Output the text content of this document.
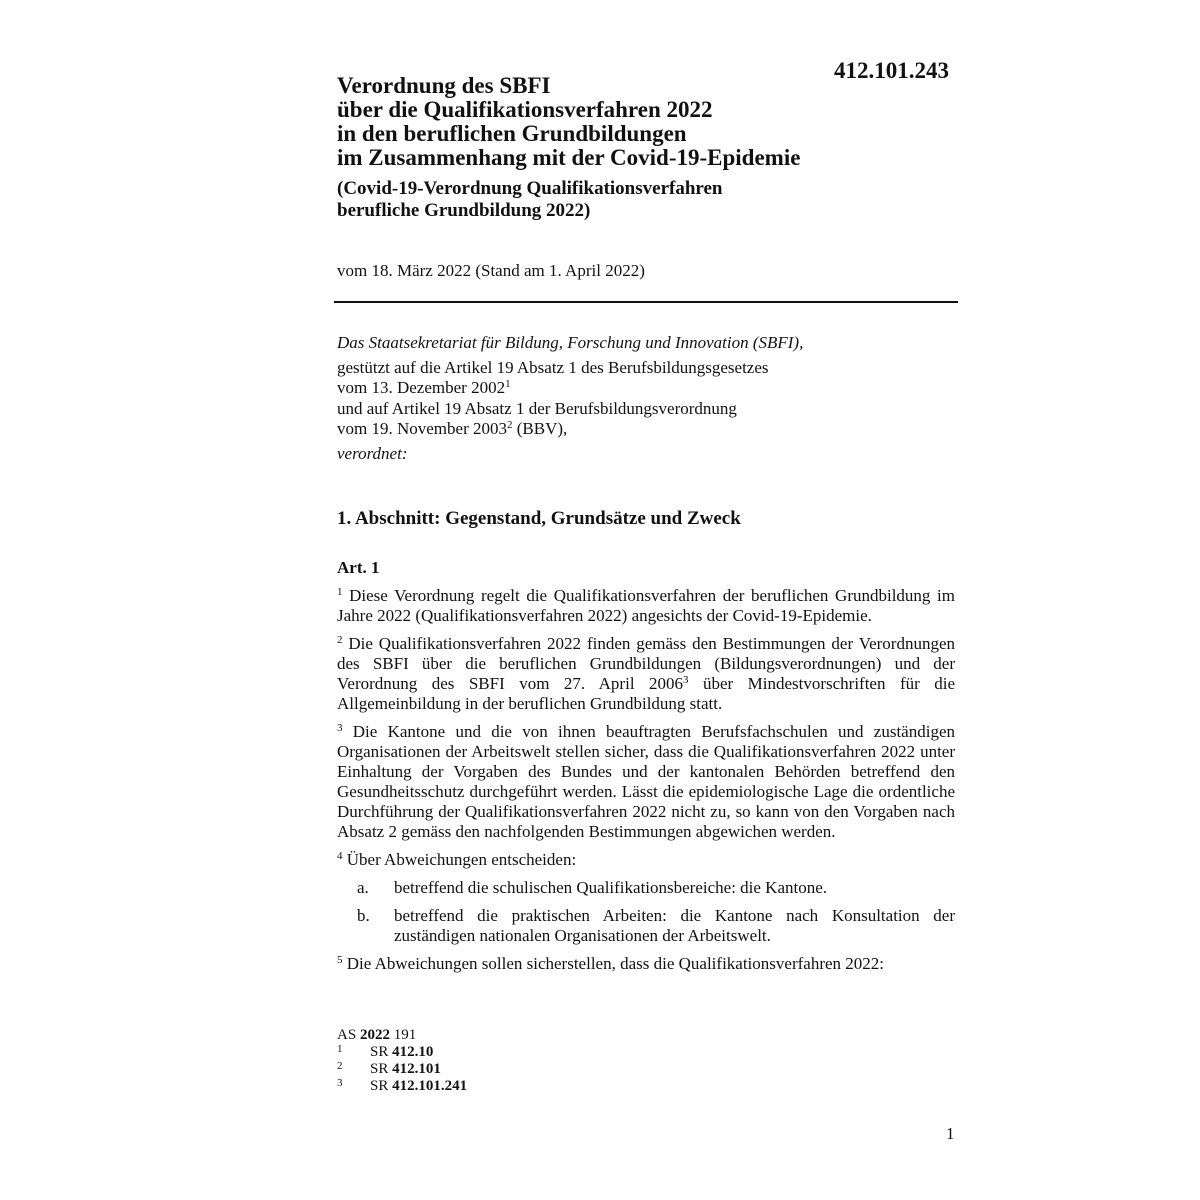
412.101.243
Verordnung des SBFI
über die Qualifikationsverfahren 2022
in den beruflichen Grundbildungen
im Zusammenhang mit der Covid-19-Epidemie
(Covid-19-Verordnung Qualifikationsverfahren
berufliche Grundbildung 2022)
vom 18. März 2022 (Stand am 1. April 2022)
Das Staatsekretariat für Bildung, Forschung und Innovation (SBFI),
gestützt auf die Artikel 19 Absatz 1 des Berufsbildungsgesetzes
vom 13. Dezember 2002$^1$
und auf Artikel 19 Absatz 1 der Berufsbildungsverordnung
vom 19. November 2003$^2$ (BBV),
verordnet:
1. Abschnitt: Gegenstand, Grundsätze und Zweck
Art. 1

$^1$ Diese Verordnung regelt die Qualifikationsverfahren der beruflichen Grundbildung im Jahre 2022 (Qualifikationsverfahren 2022) angesichts der Covid-19-Epidemie.

$^2$ Die Qualifikationsverfahren 2022 finden gemäss den Bestimmungen der Verordnungen des SBFI über die beruflichen Grundbildungen (Bildungsverordnungen) und der Verordnung des SBFI vom 27. April 2006$^3$ über Mindestvorschriften für die Allgemeinbildung in der beruflichen Grundbildung statt.

$^3$ Die Kantone und die von ihnen beauftragten Berufsfachschulen und zuständigen Organisationen der Arbeitswelt stellen sicher, dass die Qualifikationsverfahren 2022 unter Einhaltung der Vorgaben des Bundes und der kantonalen Behörden betreffend den Gesundheitsschutz durchgeführt werden. Lässt die epidemiologische Lage die ordentliche Durchführung der Qualifikationsverfahren 2022 nicht zu, so kann von den Vorgaben nach Absatz 2 gemäss den nachfolgenden Bestimmungen abgewichen werden.

$^4$ Über Abweichungen entscheiden:

a.	betreffend die schulischen Qualifikationsbereiche: die Kantone.
b.	betreffend die praktischen Arbeiten: die Kantone nach Konsultation der zuständigen nationalen Organisationen der Arbeitswelt.

$^5$ Die Abweichungen sollen sicherstellen, dass die Qualifikationsverfahren 2022:

AS 2022 191
1	SR 412.10
2	SR 412.101
3	SR 412.101.241
1
